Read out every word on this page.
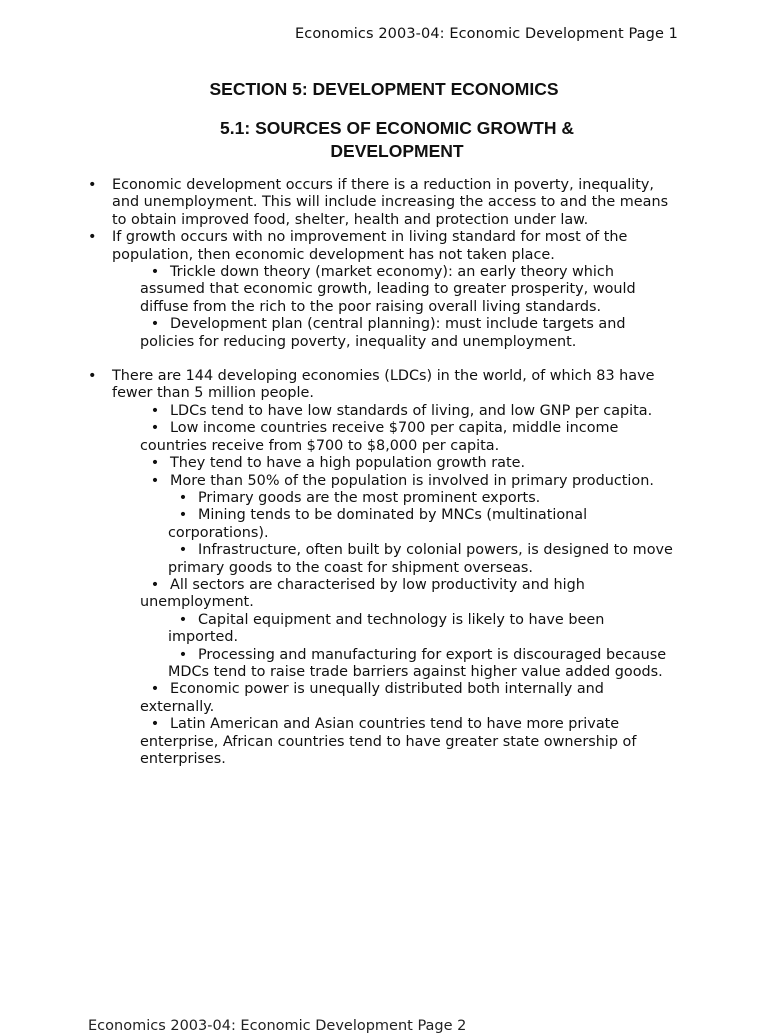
Economics 2003-04: Economic Development Page 1
SECTION 5: DEVELOPMENT ECONOMICS
5.1: SOURCES OF ECONOMIC GROWTH & DEVELOPMENT
• Economic development occurs if there is a reduction in poverty, inequality, and unemployment. This will include increasing the access to and the means to obtain improved food, shelter, health and protection under law.
• If growth occurs with no improvement in living standard for most of the population, then economic development has not taken place.
• Trickle down theory (market economy): an early theory which assumed that economic growth, leading to greater prosperity, would diffuse from the rich to the poor raising overall living standards.
• Development plan (central planning): must include targets and policies for reducing poverty, inequality and unemployment.
• There are 144 developing economies (LDCs) in the world, of which 83 have fewer than 5 million people.
• LDCs tend to have low standards of living, and low GNP per capita.
• Low income countries receive $700 per capita, middle income countries receive from $700 to $8,000 per capita.
• They tend to have a high population growth rate.
• More than 50% of the population is involved in primary production.
• Primary goods are the most prominent exports.
• Mining tends to be dominated by MNCs (multinational corporations).
• Infrastructure, often built by colonial powers, is designed to move primary goods to the coast for shipment overseas.
• All sectors are characterised by low productivity and high unemployment.
• Capital equipment and technology is likely to have been imported.
• Processing and manufacturing for export is discouraged because MDCs tend to raise trade barriers against higher value added goods.
• Economic power is unequally distributed both internally and externally.
• Latin American and Asian countries tend to have more private enterprise, African countries tend to have greater state ownership of enterprises.
Economics 2003-04: Economic Development Page 2
